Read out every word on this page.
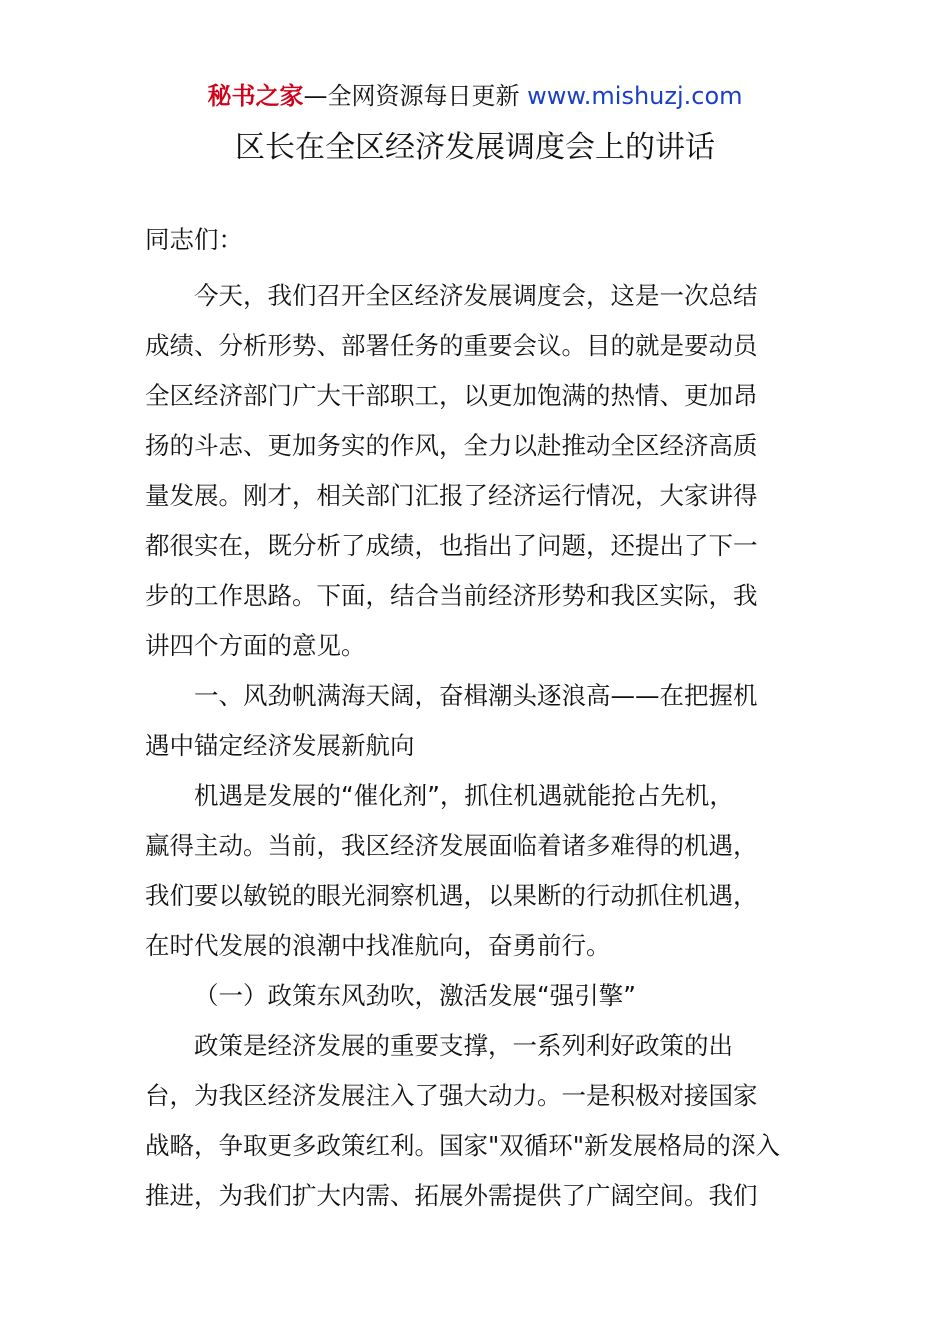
秘书之家—全网资源每日更新 www.mishuzj.com
区长在全区经济发展调度会上的讲话
同志们：
今天，我们召开全区经济发展调度会，这是一次总结
成绩、分析形势、部署任务的重要会议。目的就是要动员
全区经济部门广大干部职工，以更加饱满的热情、更加昂
扬的斗志、更加务实的作风，全力以赴推动全区经济高质
量发展。刚才，相关部门汇报了经济运行情况，大家讲得
都很实在，既分析了成绩，也指出了问题，还提出了下一
步的工作思路。下面，结合当前经济形势和我区实际，我
讲四个方面的意见。
一、风劲帆满海天阔，奋楫潮头逐浪高——在把握机
遇中锚定经济发展新航向
机遇是发展的“催化剂”，抓住机遇就能抢占先机，
赢得主动。当前，我区经济发展面临着诸多难得的机遇，
我们要以敏锐的眼光洞察机遇，以果断的行动抓住机遇，
在时代发展的浪潮中找准航向，奋勇前行。
（一）政策东风劲吹，激活发展“强引擎”
政策是经济发展的重要支撑，一系列利好政策的出
台，为我区经济发展注入了强大动力。一是积极对接国家
战略，争取更多政策红利。国家"双循环"新发展格局的深入
推进，为我们扩大内需、拓展外需提供了广阔空间。我们
